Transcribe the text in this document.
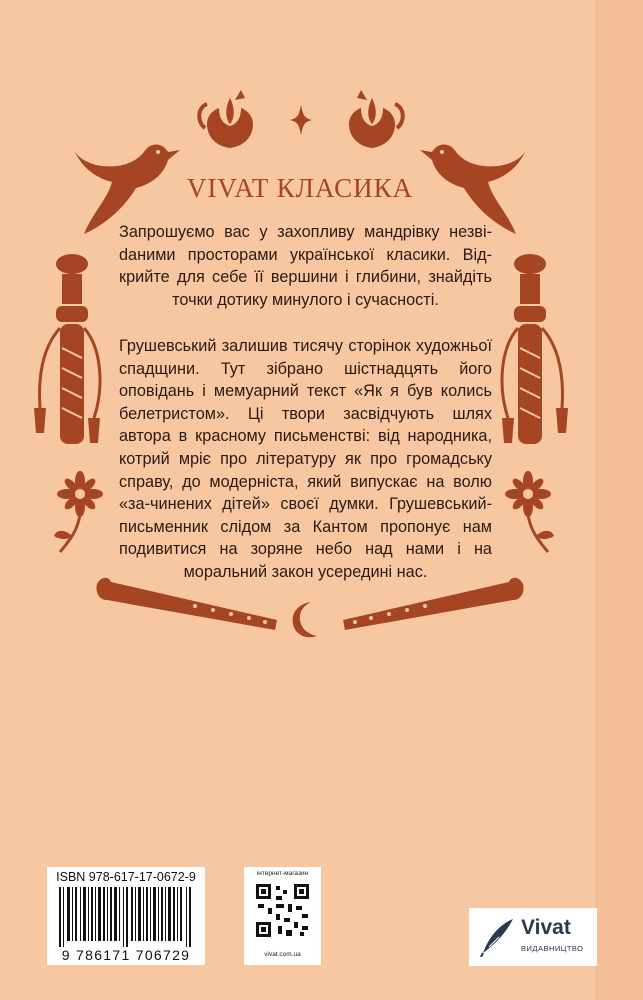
VIVAT КЛАСИКА
Запрошуємо вас у захопливу мандрівку незвіdаними просторами української класики. Відкрийте для себе її вершини і глибини, знайдіть точки дотику минулого і сучасності.
Грушевський залишив тисячу сторінок художньої спадщини. Тут зібрано шістнадцять його оповідань і мемуарний текст «Як я був колись белетристом». Ці твори засвідчують шлях автора в красному письменстві: від народника, котрий мріє про літературу як про громадську справу, до модерніста, який випускає на волю «за-чинених дітей» своєї думки. Грушевський-письменник слідом за Кантом пропонує нам подивитися на зоряне небо над нами і на моральний закон усередині нас.
ISBN 978-617-17-0672-9
9 786171 706729
інтернет-магазин
vivat.com.ua
Vivat
ВИДАВНИЦТВО
